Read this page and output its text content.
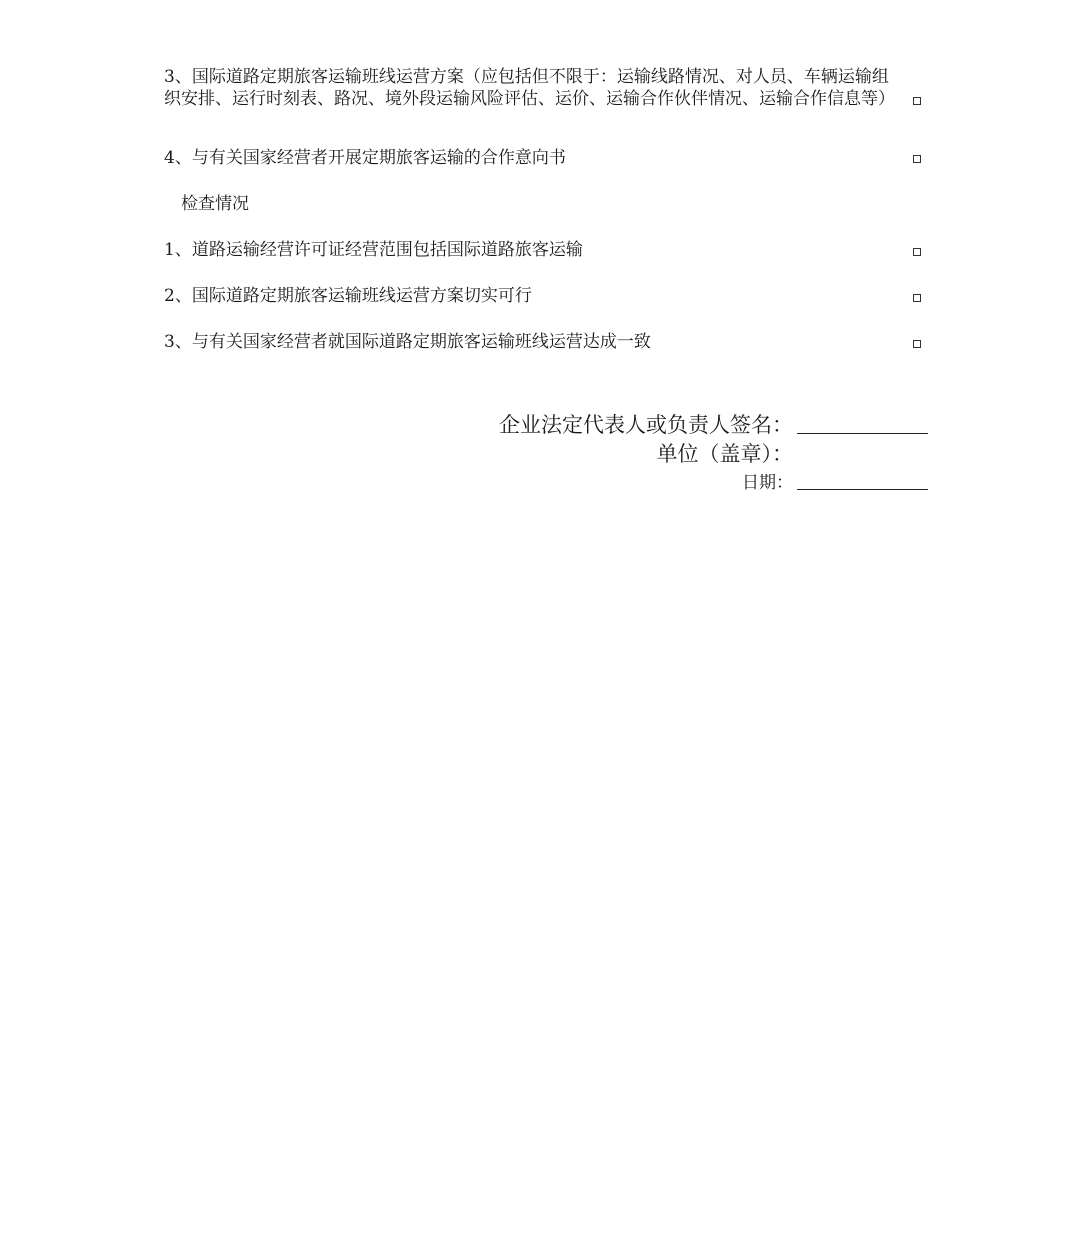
3、国际道路定期旅客运输班线运营方案（应包括但不限于：运输线路情况、对人员、车辆运输组织安排、运行时刻表、路况、境外段运输风险评估、运价、运输合作伙伴情况、运输合作信息等）
4、与有关国家经营者开展定期旅客运输的合作意向书
检查情况
1、道路运输经营许可证经营范围包括国际道路旅客运输
2、国际道路定期旅客运输班线运营方案切实可行
3、与有关国家经营者就国际道路定期旅客运输班线运营达成一致
企业法定代表人或负责人签名：
单位（盖章）：
日期：
